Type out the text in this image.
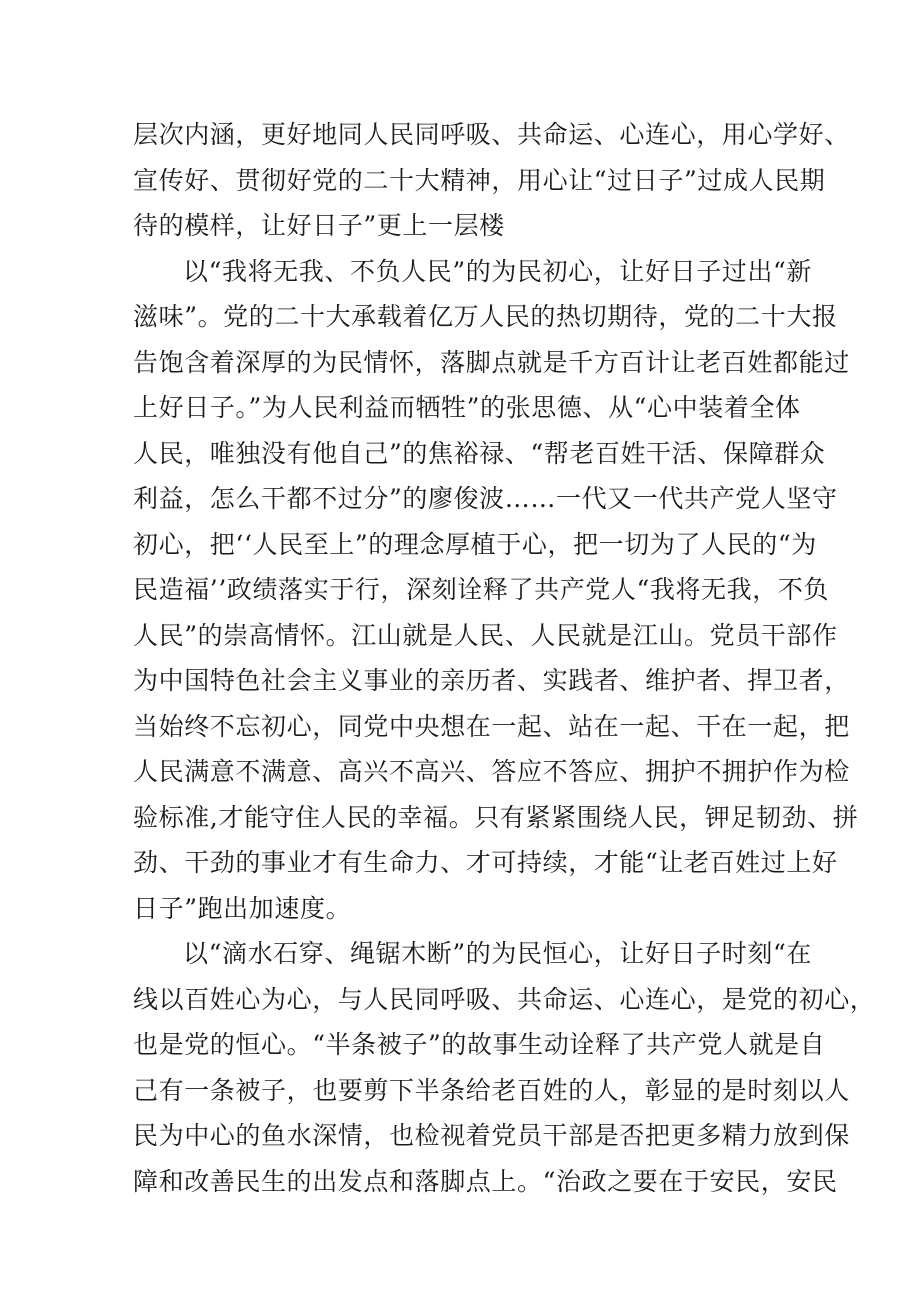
层次内涵，更好地同人民同呼吸、共命运、心连心，用心学好、
宣传好、贯彻好党的二十大精神，用心让“过日子”过成人民期
待的模样，让好日子”更上一层楼
以“我将无我、不负人民”的为民初心，让好日子过出“新
滋味”。党的二十大承载着亿万人民的热切期待，党的二十大报
告饱含着深厚的为民情怀，落脚点就是千方百计让老百姓都能过
上好日子。”为人民利益而牺牲”的张思德、从“心中装着全体
人民，唯独没有他自己”的焦裕禄、“帮老百姓干活、保障群众
利益，怎么干都不过分”的廖俊波……一代又一代共产党人坚守
初心，把‘‘人民至上”的理念厚植于心，把一切为了人民的“为
民造福’’政绩落实于行，深刻诠释了共产党人“我将无我，不负
人民”的崇高情怀。江山就是人民、人民就是江山。党员干部作
为中国特色社会主义事业的亲历者、实践者、维护者、捍卫者，
当始终不忘初心，同党中央想在一起、站在一起、干在一起，把
人民满意不满意、高兴不高兴、答应不答应、拥护不拥护作为检
验标准,才能守住人民的幸福。只有紧紧围绕人民，钾足韧劲、拼
劲、干劲的事业才有生命力、才可持续，才能“让老百姓过上好
日子”跑出加速度。
以“滴水石穿、绳锯木断”的为民恒心，让好日子时刻“在
线以百姓心为心，与人民同呼吸、共命运、心连心，是党的初心，
也是党的恒心。“半条被子”的故事生动诠释了共产党人就是自
己有一条被子，也要剪下半条给老百姓的人，彰显的是时刻以人
民为中心的鱼水深情，也检视着党员干部是否把更多精力放到保
障和改善民生的出发点和落脚点上。“治政之要在于安民，安民
